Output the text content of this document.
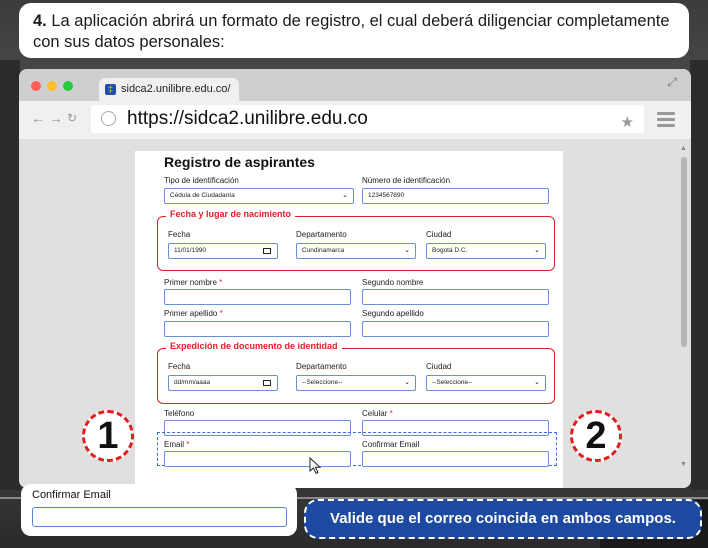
4. La aplicación abrirá un formato de registro, el cual deberá diligenciar completamente con sus datos personales:
‡ sidca2.unilibre.edu.co/	⤢
← → ↻	https://sidca2.unilibre.edu.co	★
▲
▼
Registro de aspirantes
Tipo de identificación
Cédula de Ciudadanía	⌄
Número de identificación
1234567890
Fecha y lugar de nacimiento
Fecha
11/01/1990
Departamento
Cundinamarca	⌄
Ciudad
Bogotá D.C.	⌄
Primer nombre *	Segundo nombre
Primer apellido *	Segundo apellido
Expedición de documento de identidad
Fecha
dd/mm/aaaa
Departamento
--Seleccione--	⌄
Ciudad
--Seleccione--	⌄
Teléfono	Celular *
Email *	Confirmar Email
1	2
Confirmar Email
Valide que el correo coincida en ambos campos.
